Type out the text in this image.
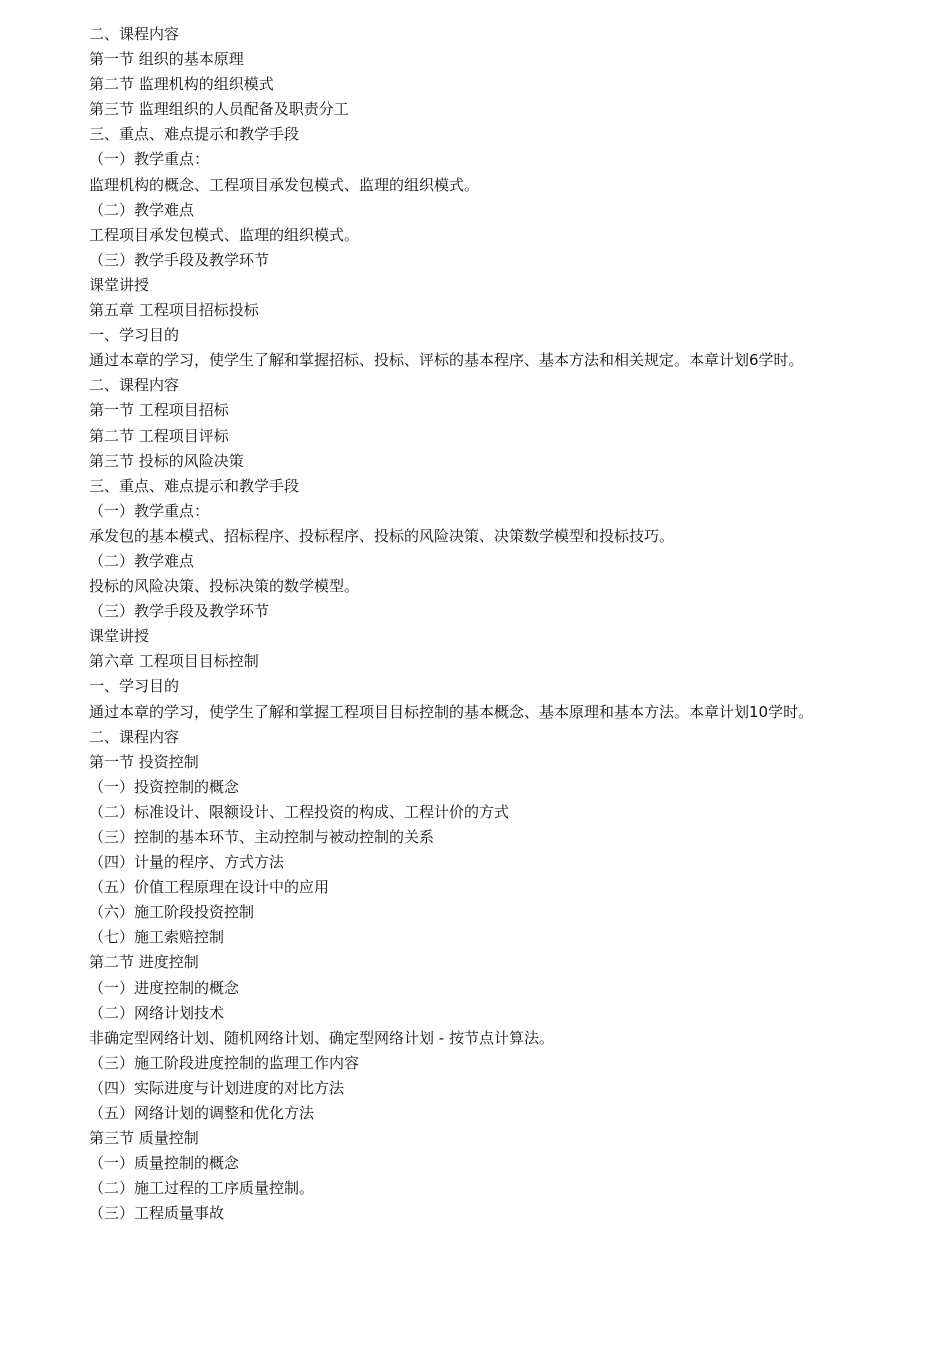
二、课程内容
第一节 组织的基本原理
第二节 监理机构的组织模式
第三节 监理组织的人员配备及职责分工
三、重点、难点提示和教学手段
（一）教学重点：
监理机构的概念、工程项目承发包模式、监理的组织模式。
（二）教学难点
工程项目承发包模式、监理的组织模式。
（三）教学手段及教学环节
课堂讲授
第五章 工程项目招标投标
一、学习目的
通过本章的学习，使学生了解和掌握招标、投标、评标的基本程序、基本方法和相关规定。本章计划6学时。
二、课程内容
第一节 工程项目招标
第二节 工程项目评标
第三节 投标的风险决策
三、重点、难点提示和教学手段
（一）教学重点：
承发包的基本模式、招标程序、投标程序、投标的风险决策、决策数学模型和投标技巧。
（二）教学难点
投标的风险决策、投标决策的数学模型。
（三）教学手段及教学环节
课堂讲授
第六章 工程项目目标控制
一、学习目的
通过本章的学习，使学生了解和掌握工程项目目标控制的基本概念、基本原理和基本方法。本章计划10学时。
二、课程内容
第一节 投资控制
（一）投资控制的概念
（二）标准设计、限额设计、工程投资的构成、工程计价的方式
（三）控制的基本环节、主动控制与被动控制的关系
（四）计量的程序、方式方法
（五）价值工程原理在设计中的应用
（六）施工阶段投资控制
（七）施工索赔控制
第二节 进度控制
（一）进度控制的概念
（二）网络计划技术
非确定型网络计划、随机网络计划、确定型网络计划 - 按节点计算法。
（三）施工阶段进度控制的监理工作内容
（四）实际进度与计划进度的对比方法
（五）网络计划的调整和优化方法
第三节 质量控制
（一）质量控制的概念
（二）施工过程的工序质量控制。
（三）工程质量事故
